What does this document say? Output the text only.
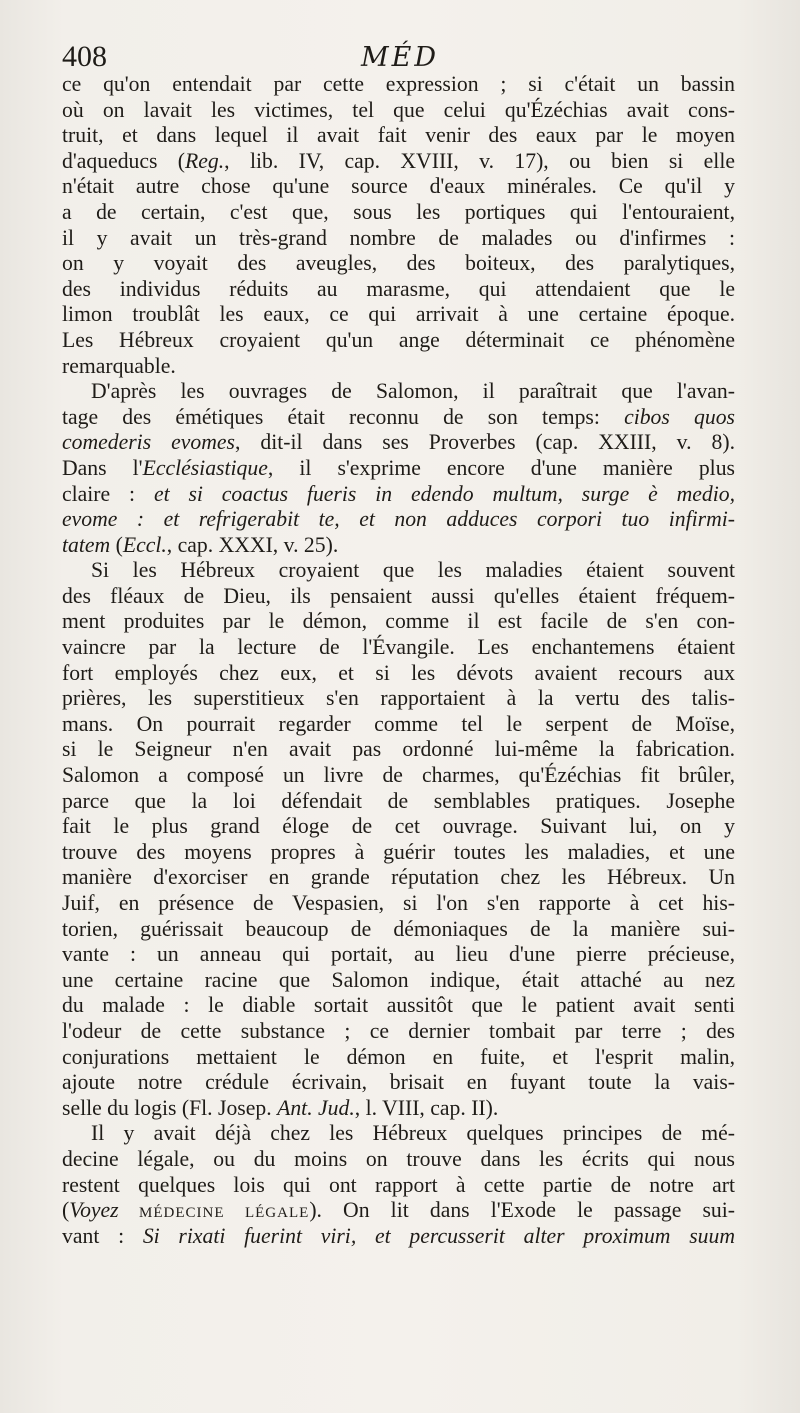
408	MÉD
ce qu'on entendait par cette expression ; si c'était un bassin
où on lavait les victimes, tel que celui qu'Ézéchias avait cons-
truit, et dans lequel il avait fait venir des eaux par le moyen
d'aqueducs (Reg., lib. IV, cap. XVIII, v. 17), ou bien si elle
n'était autre chose qu'une source d'eaux minérales. Ce qu'il y
a de certain, c'est que, sous les portiques qui l'entouraient,
il y avait un très-grand nombre de malades ou d'infirmes :
on y voyait des aveugles, des boiteux, des paralytiques,
des individus réduits au marasme, qui attendaient que le
limon troublât les eaux, ce qui arrivait à une certaine époque.
Les Hébreux croyaient qu'un ange déterminait ce phénomène
remarquable.
D'après les ouvrages de Salomon, il paraîtrait que l'avan-
tage des émétiques était reconnu de son temps: cibos quos
comederis evomes, dit-il dans ses Proverbes (cap. XXIII, v. 8).
Dans l'Ecclésiastique, il s'exprime encore d'une manière plus
claire : et si coactus fueris in edendo multum, surge è medio,
evome : et refrigerabit te, et non adduces corpori tuo infirmi-
tatem (Eccl., cap. XXXI, v. 25).
Si les Hébreux croyaient que les maladies étaient souvent
des fléaux de Dieu, ils pensaient aussi qu'elles étaient fréquem-
ment produites par le démon, comme il est facile de s'en con-
vaincre par la lecture de l'Évangile. Les enchantemens étaient
fort employés chez eux, et si les dévots avaient recours aux
prières, les superstitieux s'en rapportaient à la vertu des talis-
mans. On pourrait regarder comme tel le serpent de Moïse,
si le Seigneur n'en avait pas ordonné lui-même la fabrication.
Salomon a composé un livre de charmes, qu'Ézéchias fit brûler,
parce que la loi défendait de semblables pratiques. Josephe
fait le plus grand éloge de cet ouvrage. Suivant lui, on y
trouve des moyens propres à guérir toutes les maladies, et une
manière d'exorciser en grande réputation chez les Hébreux. Un
Juif, en présence de Vespasien, si l'on s'en rapporte à cet his-
torien, guérissait beaucoup de démoniaques de la manière sui-
vante : un anneau qui portait, au lieu d'une pierre précieuse,
une certaine racine que Salomon indique, était attaché au nez
du malade : le diable sortait aussitôt que le patient avait senti
l'odeur de cette substance ; ce dernier tombait par terre ; des
conjurations mettaient le démon en fuite, et l'esprit malin,
ajoute notre crédule écrivain, brisait en fuyant toute la vais-
selle du logis (Fl. Josep. Ant. Jud., l. VIII, cap. II).
Il y avait déjà chez les Hébreux quelques principes de mé-
decine légale, ou du moins on trouve dans les écrits qui nous
restent quelques lois qui ont rapport à cette partie de notre art
(Voyez MÉDECINE LÉGALE). On lit dans l'Exode le passage sui-
vant : Si rixati fuerint viri, et percusserit alter proximum suum
